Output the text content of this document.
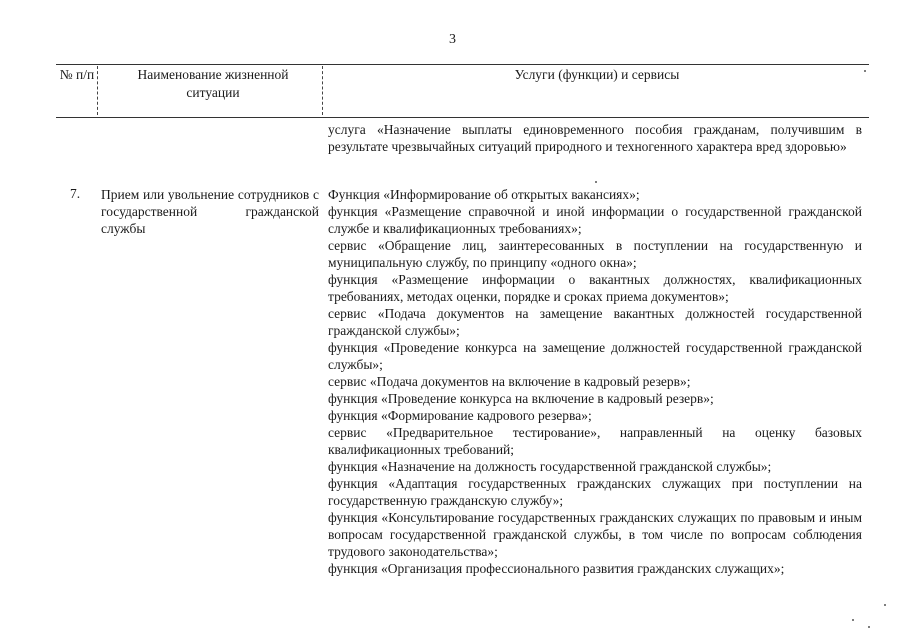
3
№ п/п	Наименование жизненной ситуации
Услуги (функции) и сервисы
услуга «Назначение выплаты единовременного пособия гражданам, получившим в результате чрезвычайных ситуаций природного и техногенного характера вред здоровью»
7. Прием или увольнение сотрудников с государственной гражданской службы

Функция «Информирование об открытых вакансиях»;

функция «Размещение справочной и иной информации о государственной гражданской службе и квалификационных требованиях»;

сервис «Обращение лиц, заинтересованных в поступлении на государственную и муниципальную службу, по принципу «одного окна»;

функция «Размещение информации о вакантных должностях, квалификационных требованиях, методах оценки, порядке и сроках приема документов»;

сервис «Подача документов на замещение вакантных должностей государственной гражданской службы»;

функция «Проведение конкурса на замещение должностей государственной гражданской службы»;

сервис «Подача документов на включение в кадровый резерв»;

функция «Проведение конкурса на включение в кадровый резерв»;

функция «Формирование кадрового резерва»;

сервис «Предварительное тестирование», направленный на оценку базовых квалификационных требований;

функция «Назначение на должность государственной гражданской службы»;

функция «Адаптация государственных гражданских служащих при поступлении на государственную гражданскую службу»;

функция «Консультирование государственных гражданских служащих по правовым и иным вопросам государственной гражданской службы, в том числе по вопросам соблюдения трудового законодательства»;

функция «Организация профессионального развития гражданских служащих»;
